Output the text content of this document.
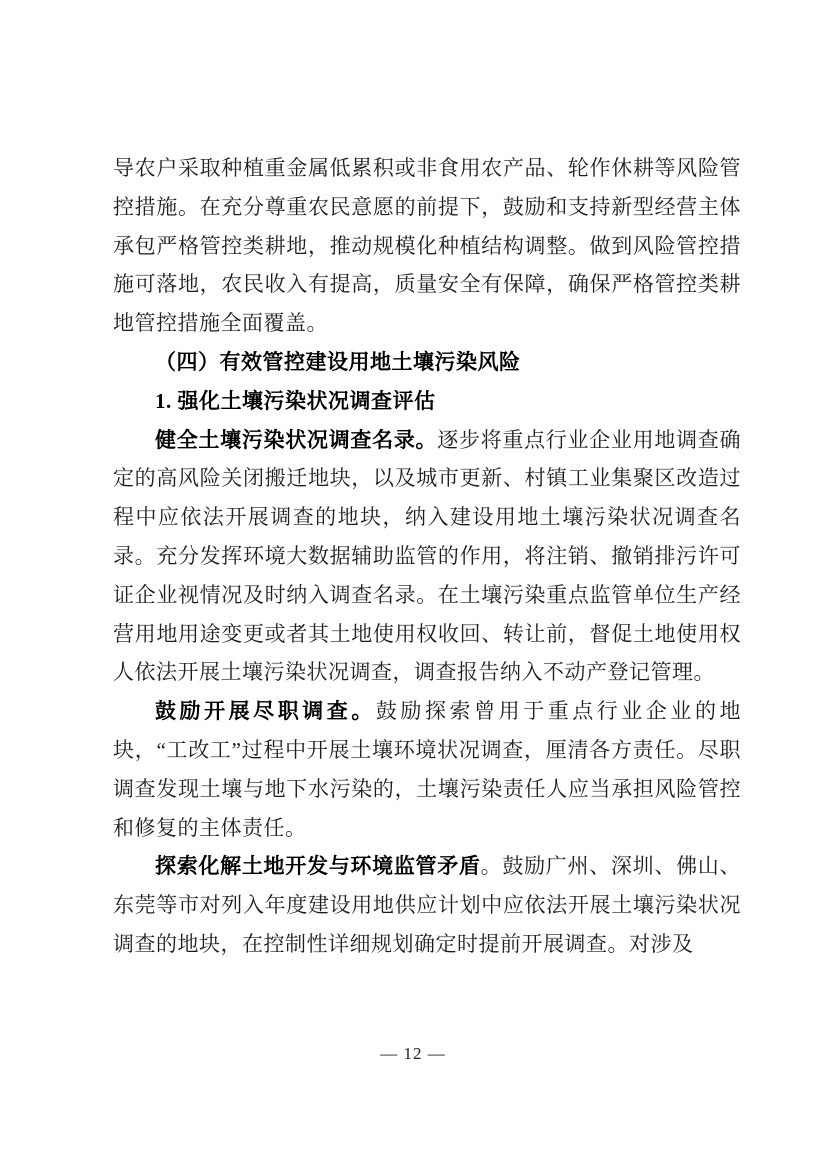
导农户采取种植重金属低累积或非食用农产品、轮作休耕等风险管控措施。在充分尊重农民意愿的前提下，鼓励和支持新型经营主体承包严格管控类耕地，推动规模化种植结构调整。做到风险管控措施可落地，农民收入有提高，质量安全有保障，确保严格管控类耕地管控措施全面覆盖。

（四）有效管控建设用地土壤污染风险

1. 强化土壤污染状况调查评估

健全土壤污染状况调查名录。逐步将重点行业企业用地调查确定的高风险关闭搬迁地块，以及城市更新、村镇工业集聚区改造过程中应依法开展调查的地块，纳入建设用地土壤污染状况调查名录。充分发挥环境大数据辅助监管的作用，将注销、撤销排污许可证企业视情况及时纳入调查名录。在土壤污染重点监管单位生产经营用地用途变更或者其土地使用权收回、转让前，督促土地使用权人依法开展土壤污染状况调查，调查报告纳入不动产登记管理。

鼓励开展尽职调查。鼓励探索曾用于重点行业企业的地块，“工改工”过程中开展土壤环境状况调查，厘清各方责任。尽职调查发现土壤与地下水污染的，土壤污染责任人应当承担风险管控和修复的主体责任。

探索化解土地开发与环境监管矛盾。鼓励广州、深圳、佛山、东莞等市对列入年度建设用地供应计划中应依法开展土壤污染状况调查的地块，在控制性详细规划确定时提前开展调查。对涉及

— 12 —
